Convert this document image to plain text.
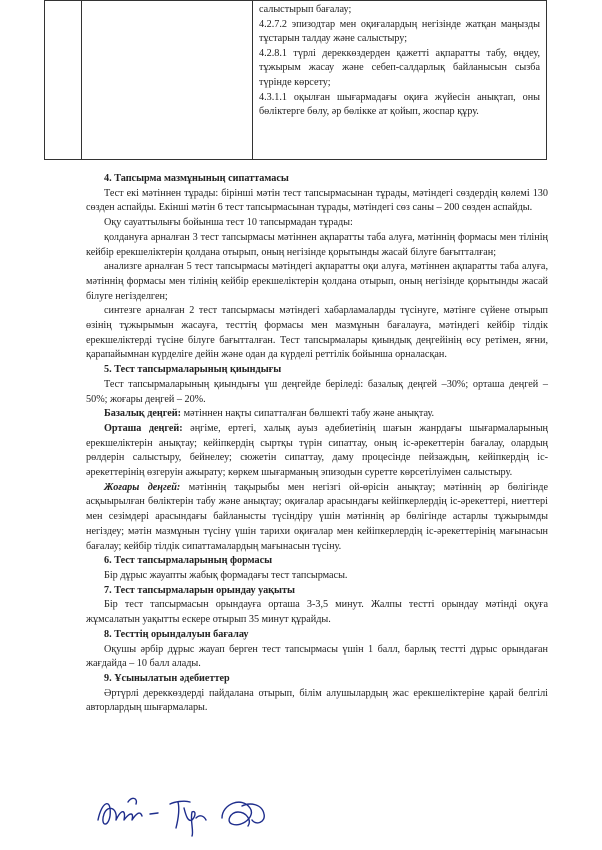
салыстырып бағалау;

4.2.7.2 эпизодтар мен оқиғалардың негізінде жатқан маңызды тұстарын талдау және салыстыру;

4.2.8.1 түрлі дереккөздерден қажетті ақпаратты табу, өңдеу, тұжырым жасау және себеп-салдарлық байланысын сызба түрінде көрсету;

4.3.1.1 оқылған шығармадағы оқиға жүйесін анықтап, оны бөліктерге бөлу, әр бөлікке ат қойып, жоспар құру.

4. Тапсырма мазмұнының сипаттамасы

Тест екі мәтіннен тұрады: бірінші мәтін тест тапсырмасынан тұрады, мәтіндегі сөздердің көлемі 130 сөзден аспайды. Екінші мәтін 6 тест тапсырмасынан тұрады, мәтіндегі сөз саны – 200 сөзден аспайды.

Оқу сауаттылығы бойынша тест 10 тапсырмадан тұрады:

қолдануға арналған 3 тест тапсырмасы мәтіннен ақпаратты таба алуға, мәтіннің формасы мен тілінің кейбір ерекшеліктерін қолдана отырып, оның негізінде қорытынды жасай білуге бағытталған;

анализге арналған 5 тест тапсырмасы мәтіндегі ақпаратты оқи алуға, мәтіннен ақпаратты таба алуға, мәтіннің формасы мен тілінің кейбір ерекшеліктерін қолдана отырып, оның негізінде қорытынды жасай білуге негізделген;

синтезге арналған 2 тест тапсырмасы мәтіндегі хабарламаларды түсінуге, мәтінге сүйене отырып өзінің тұжырымын жасауға, тесттің формасы мен мазмұнын бағалауға, мәтіндегі кейбір тілдік ерекшеліктерді түсіне білуге бағытталған. Тест тапсырмалары қиындық деңгейінің өсу ретімен, яғни, қарапайымнан күрделіге дейін және одан да күрделі реттілік бойынша орналасқан.

5. Тест тапсырмаларының қиындығы

Тест тапсырмаларының қиындығы үш деңгейде беріледі: базалық деңгей –30%; орташа деңгей – 50%; жоғары деңгей – 20%.

Базалық деңгей: мәтіннен нақты сипатталған бөлшекті табу және анықтау.

Орташа деңгей: әңгіме, ертегі, халық ауыз әдебиетінің шағын жанрдағы шығармаларының ерекшеліктерін анықтау; кейіпкердің сыртқы түрін сипаттау, оның іс-әрекеттерін бағалау, олардың рөлдерін салыстыру, бейнелеу; сюжетін сипаттау, даму процесінде пейзаждың, кейіпкердің іс-әрекеттерінің өзгеруін ажырату; көркем шығарманың эпизодын суретте көрсетілуімен салыстыру.

Жоғары деңгей: мәтіннің тақырыбы мен негізгі ой-өрісін анықтау; мәтіннің әр бөлігінде асқыырылған бөліктерін табу және анықтау; оқиғалар арасындағы кейіпкерлердің іс-әрекеттері, ниеттері мен сезімдері арасындағы байланысты түсіндіру үшін мәтіннің әр бөлігінде астарлы тұжырымды негіздеу; мәтін мазмұнын түсіну үшін тарихи оқиғалар мен кейіпкерлердің іс-әрекеттерінің мағынасын бағалау; кейбір тілдік сипаттамалардың мағынасын түсіну.

6. Тест тапсырмаларының формасы

Бір дұрыс жауапты жабық формадағы тест тапсырмасы.

7. Тест тапсырмаларын орындау уақыты

Бір тест тапсырмасын орындауға орташа 3-3,5 минут. Жалпы тестті орындау мәтінді оқуға жұмсалатын уақытты ескере отырып 35 минут құрайды.

8. Тесттің орындалуын бағалау

Оқушы әрбір дұрыс жауап берген тест тапсырмасы үшін 1 балл, барлық тестті дұрыс орындаған жағдайда – 10 балл алады.

9. Ұсынылатын әдебиеттер

Әртүрлі дереккөздерді пайдалана отырып, білім алушылардың жас ерекшеліктеріне қарай белгілі авторлардың шығармалары.
